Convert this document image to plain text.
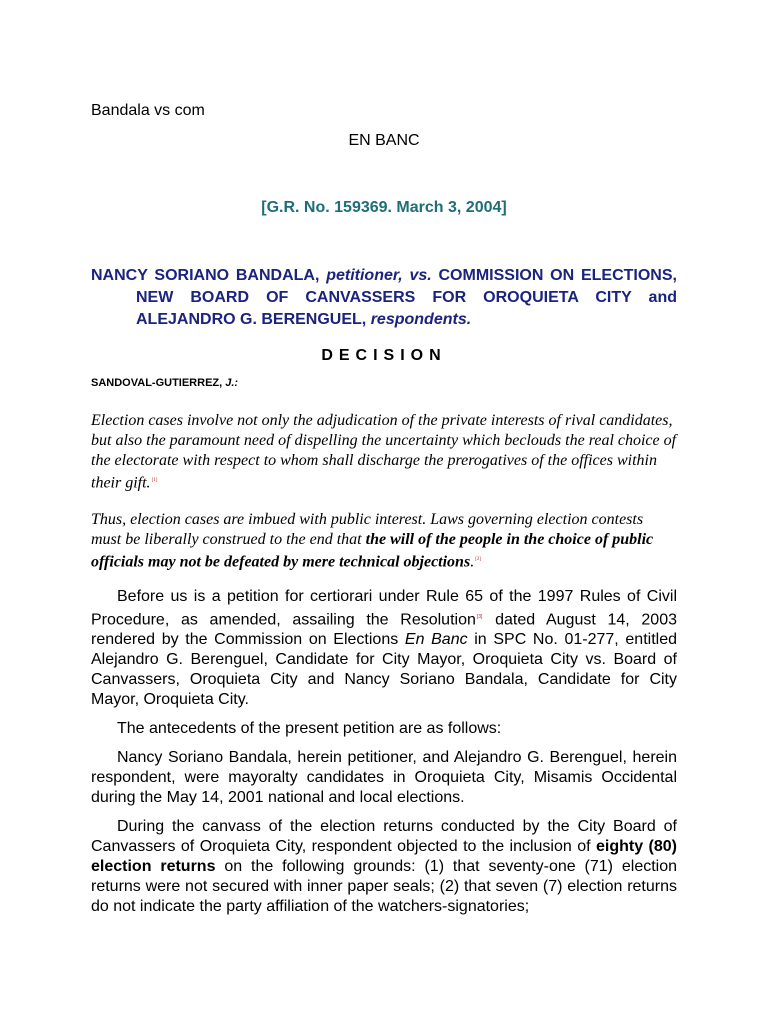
Bandala vs com
EN BANC
[G.R. No. 159369. March 3, 2004]
NANCY SORIANO BANDALA, petitioner, vs. COMMISSION ON ELECTIONS, NEW BOARD OF CANVASSERS FOR OROQUIETA CITY and ALEJANDRO G. BERENGUEL, respondents.
DECISION
SANDOVAL-GUTIERREZ, J.:
Election cases involve not only the adjudication of the private interests of rival candidates, but also the paramount need of dispelling the uncertainty which beclouds the real choice of the electorate with respect to whom shall discharge the prerogatives of the offices within their gift.[1]
Thus, election cases are imbued with public interest. Laws governing election contests must be liberally construed to the end that the will of the people in the choice of public officials may not be defeated by mere technical objections.[2]

Before us is a petition for certiorari under Rule 65 of the 1997 Rules of Civil Procedure, as amended, assailing the Resolution[3] dated August 14, 2003 rendered by the Commission on Elections En Banc in SPC No. 01-277, entitled Alejandro G. Berenguel, Candidate for City Mayor, Oroquieta City vs. Board of Canvassers, Oroquieta City and Nancy Soriano Bandala, Candidate for City Mayor, Oroquieta City.

The antecedents of the present petition are as follows:

Nancy Soriano Bandala, herein petitioner, and Alejandro G. Berenguel, herein respondent, were mayoralty candidates in Oroquieta City, Misamis Occidental during the May 14, 2001 national and local elections.

During the canvass of the election returns conducted by the City Board of Canvassers of Oroquieta City, respondent objected to the inclusion of eighty (80) election returns on the following grounds: (1) that seventy-one (71) election returns were not secured with inner paper seals; (2) that seven (7) election returns do not indicate the party affiliation of the watchers-signatories;
